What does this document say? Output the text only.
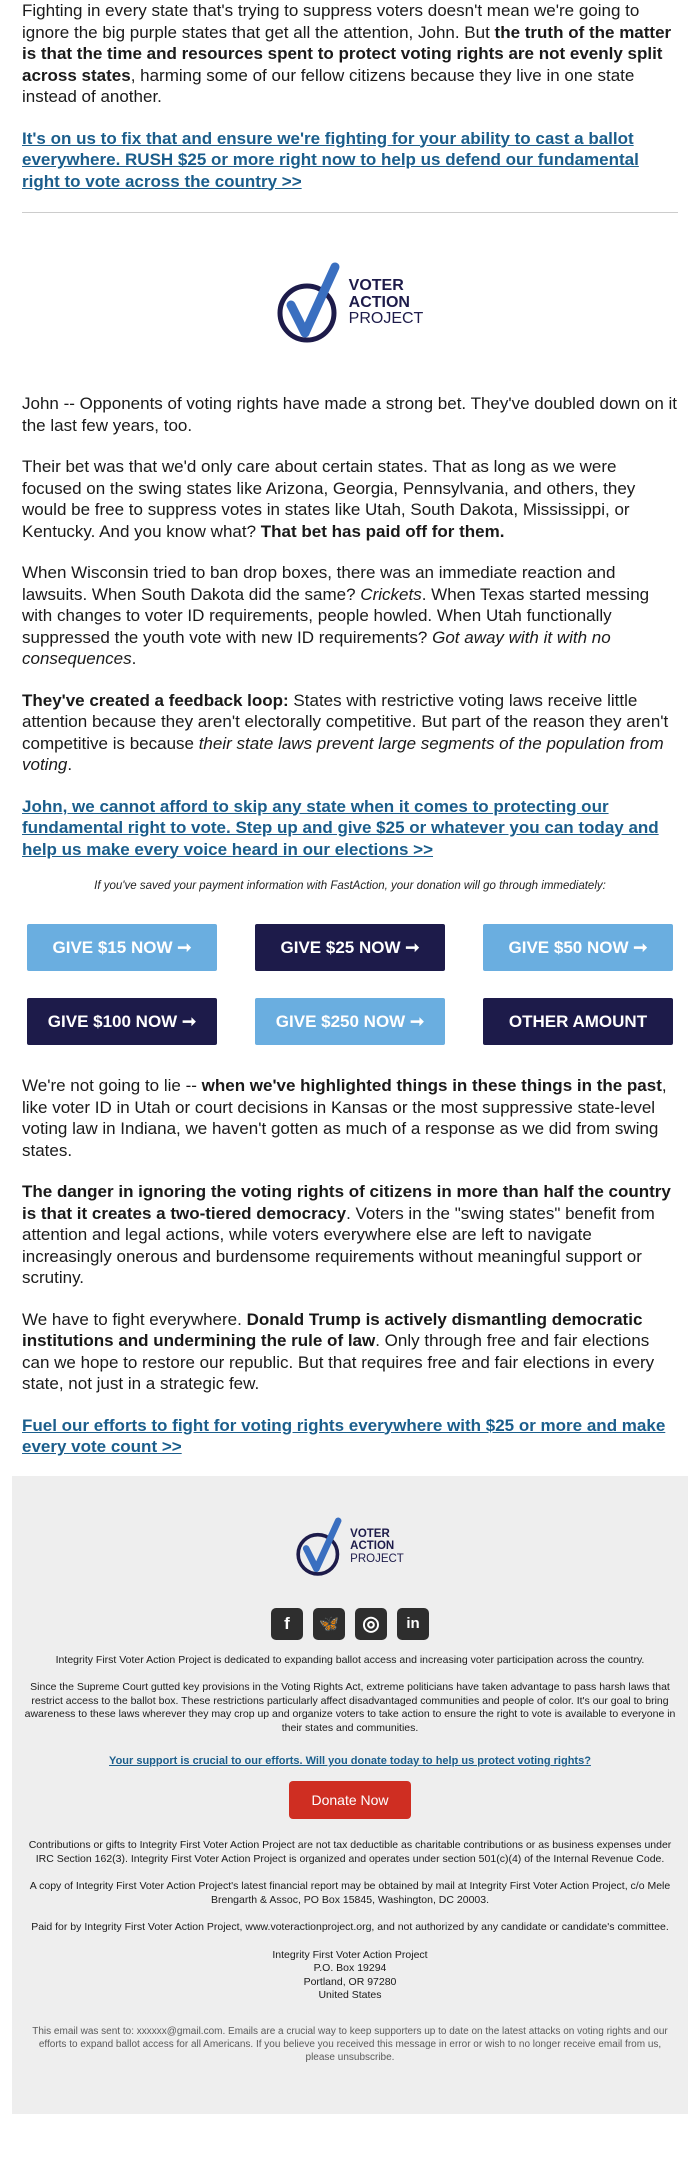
Fighting in every state that's trying to suppress voters doesn't mean we're going to ignore the big purple states that get all the attention, John. But the truth of the matter is that the time and resources spent to protect voting rights are not evenly split across states, harming some of our fellow citizens because they live in one state instead of another.

It's on us to fix that and ensure we're fighting for your ability to cast a ballot everywhere. RUSH $25 or more right now to help us defend our fundamental right to vote across the country >>

VOTER
ACTION
PROJECT

John -- Opponents of voting rights have made a strong bet. They've doubled down on it the last few years, too.

Their bet was that we'd only care about certain states. That as long as we were focused on the swing states like Arizona, Georgia, Pennsylvania, and others, they would be free to suppress votes in states like Utah, South Dakota, Mississippi, or Kentucky. And you know what? That bet has paid off for them.

When Wisconsin tried to ban drop boxes, there was an immediate reaction and lawsuits. When South Dakota did the same? Crickets. When Texas started messing with changes to voter ID requirements, people howled. When Utah functionally suppressed the youth vote with new ID requirements? Got away with it with no consequences.

They've created a feedback loop: States with restrictive voting laws receive little attention because they aren't electorally competitive. But part of the reason they aren't competitive is because their state laws prevent large segments of the population from voting.

John, we cannot afford to skip any state when it comes to protecting our fundamental right to vote. Step up and give $25 or whatever you can today and help us make every voice heard in our elections >>

If you've saved your payment information with FastAction, your donation will go through immediately:

GIVE $15 NOW ➞	GIVE $25 NOW ➞	GIVE $50 NOW ➞
GIVE $100 NOW ➞	GIVE $250 NOW ➞	OTHER AMOUNT

We're not going to lie -- when we've highlighted things in these things in the past, like voter ID in Utah or court decisions in Kansas or the most suppressive state-level voting law in Indiana, we haven't gotten as much of a response as we did from swing states.

The danger in ignoring the voting rights of citizens in more than half the country is that it creates a two-tiered democracy. Voters in the "swing states" benefit from attention and legal actions, while voters everywhere else are left to navigate increasingly onerous and burdensome requirements without meaningful support or scrutiny.

We have to fight everywhere. Donald Trump is actively dismantling democratic institutions and undermining the rule of law. Only through free and fair elections can we hope to restore our republic. But that requires free and fair elections in every state, not just in a strategic few.

Fuel our efforts to fight for voting rights everywhere with $25 or more and make every vote count >>

VOTER
ACTION
PROJECT
f	🦋	◎	in

Integrity First Voter Action Project is dedicated to expanding ballot access and increasing voter participation across the country.

Since the Supreme Court gutted key provisions in the Voting Rights Act, extreme politicians have taken advantage to pass harsh laws that restrict access to the ballot box. These restrictions particularly affect disadvantaged communities and people of color. It's our goal to bring awareness to these laws wherever they may crop up and organize voters to take action to ensure the right to vote is available to everyone in their states and communities.

Your support is crucial to our efforts. Will you donate today to help us protect voting rights?
Donate Now

Contributions or gifts to Integrity First Voter Action Project are not tax deductible as charitable contributions or as business expenses under IRC Section 162(3). Integrity First Voter Action Project is organized and operates under section 501(c)(4) of the Internal Revenue Code.

A copy of Integrity First Voter Action Project's latest financial report may be obtained by mail at Integrity First Voter Action Project, c/o Mele Brengarth & Assoc, PO Box 15845, Washington, DC 20003.

Paid for by Integrity First Voter Action Project, www.voteractionproject.org, and not authorized by any candidate or candidate's committee.

Integrity First Voter Action Project
P.O. Box 19294
Portland, OR 97280
United States

This email was sent to: xxxxxx@gmail.com. Emails are a crucial way to keep supporters up to date on the latest attacks on voting rights and our efforts to expand ballot access for all Americans. If you believe you received this message in error or wish to no longer receive email from us, please unsubscribe.
